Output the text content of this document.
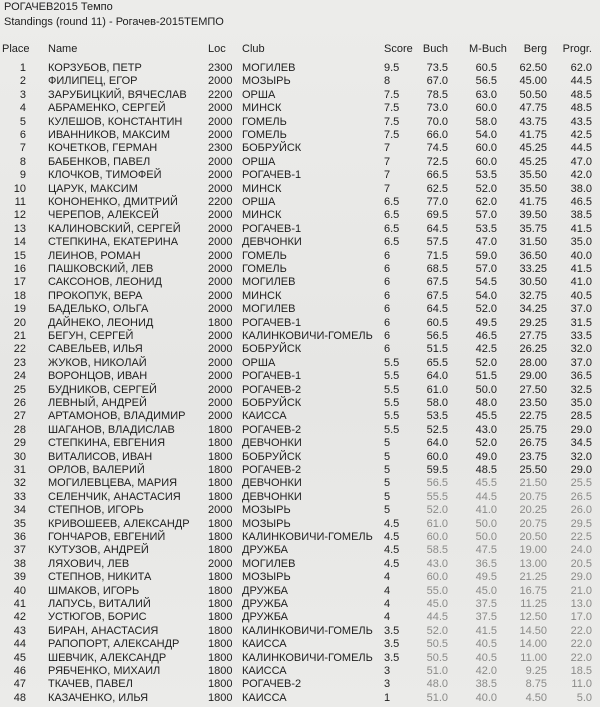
РОГАЧЕВ2015 Темпо
Standings (round 11) - Рогачев-2015ТЕМПО
Place Name	Loc Club	Score Buch M-Buch	Berg Progr.
1 КОРЗУБОВ, ПЕТР	2300 МОГИЛЕВ	9.5	73.5	60.5	62.50	62.0
2 ФИЛИПЕЦ, ЕГОР	2000 МОЗЫРЬ	8	67.0	56.5	45.00	44.5
3 ЗАРУБИЦКИЙ, ВЯЧЕСЛАВ 2200 ОРША	7.5	78.5	63.0	50.50	48.5
4 АБРАМЕНКО, СЕРГЕЙ	2000 МИНСК	7.5	73.0	60.0	47.75	48.5
5 КУЛЕШОВ, КОНСТАНТИН 2000 ГОМЕЛЬ	7.5	70.0	58.0	43.75	43.5
6 ИВАННИКОВ, МАКСИМ	2000 ГОМЕЛЬ	7.5	66.0	54.0	41.75	42.5
7 КОЧЕТКОВ, ГЕРМАН	2300 БОБРУЙСК	7	74.5	60.0	45.25	44.5
8 БАБЕНКОВ, ПАВЕЛ	2000 ОРША	7	72.5	60.0	45.25	47.0
9 КЛОЧКОВ, ТИМОФЕЙ	2000 РОГАЧЕВ-1	7	66.5	53.5	35.50	42.0
10 ЦАРУК, МАКСИМ	2000 МИНСК	7	62.5	52.0	35.50	38.0
11 КОНОНЕНКО, ДМИТРИЙ	2200 ОРША	6.5	77.0	62.0	41.75	46.5
12 ЧЕРЕПОВ, АЛЕКСЕЙ	2000 МИНСК	6.5	69.5	57.0	39.50	38.5
13 КАЛИНОВСКИЙ, СЕРГЕЙ 2000 РОГАЧЕВ-1	6.5	64.5	53.5	35.75	41.5
14 СТЕПКИНА, ЕКАТЕРИНА	2000 ДЕВЧОНКИ	6.5	57.5	47.0	31.50	35.0
15 ЛЕИНОВ, РОМАН	2000 ГОМЕЛЬ	6	71.5	59.0	36.50	40.0
16 ПАШКОВСКИЙ, ЛЕВ	2000 ГОМЕЛЬ	6	68.5	57.0	33.25	41.5
17 САКСОНОВ, ЛЕОНИД	2000 МОГИЛЕВ	6	67.5	54.5	30.50	41.0
18 ПРОКОПУК, ВЕРА	2000 МИНСК	6	67.5	54.0	32.75	40.5
19 БАДЕЛЬКО, ОЛЬГА	2000 МОГИЛЕВ	6	64.5	52.0	34.25	37.0
20 ДАЙНЕКО, ЛЕОНИД	1800 РОГАЧЕВ-1	6	60.5	49.5	29.25	31.5
21 БЕГУН, СЕРГЕЙ	2000 КАЛИНКОВИЧИ-ГОМЕЛЬ 6	56.5	46.5	27.75	33.5
22 САВЕЛЬЕВ, ИЛЬЯ	2000 БОБРУЙСК	6	51.5	42.5	26.25	32.0
23 ЖУКОВ, НИКОЛАЙ	2000 ОРША	5.5	65.5	52.0	28.00	37.0
24 ВОРОНЦОВ, ИВАН	2000 РОГАЧЕВ-1	5.5	64.0	51.5	29.00	36.5
25 БУДНИКОВ, СЕРГЕЙ	2000 РОГАЧЕВ-2	5.5	61.0	50.0	27.50	32.5
26 ЛЕВНЫЙ, АНДРЕЙ	2000 БОБРУЙСК	5.5	58.0	48.0	23.50	35.0
27 АРТАМОНОВ, ВЛАДИМИР 2000 КАИССА	5.5	53.5	45.5	22.75	28.5
28 ШАГАНОВ, ВЛАДИСЛАВ	1800 РОГАЧЕВ-2	5.5	52.5	43.0	25.75	29.0
29 СТЕПКИНА, ЕВГЕНИЯ	1800 ДЕВЧОНКИ	5	64.0	52.0	26.75	34.5
30 ВИТАЛИСОВ, ИВАН	1800 БОБРУЙСК	5	60.0	49.0	23.75	32.0
31 ОРЛОВ, ВАЛЕРИЙ	1800 РОГАЧЕВ-2	5	59.5	48.5	25.50	29.0
32 МОГИЛЕВЦЕВА, МАРИЯ	1800 ДЕВЧОНКИ	5	56.5	45.5	21.50	25.5
33 СЕЛЕНЧИК, АНАСТАСИЯ 1800 ДЕВЧОНКИ	5	55.5	44.5	20.75	26.5
34 СТЕПНОВ, ИГОРЬ	2000 МОЗЫРЬ	5	52.0	41.0	20.25	26.0
35 КРИВОШЕЕВ, АЛЕКСАНДР 1800 МОЗЫРЬ	4.5	61.0	50.0	20.75	29.5
36 ГОНЧАРОВ, ЕВГЕНИЙ	1800 КАЛИНКОВИЧИ-ГОМЕЛЬ 4.5	60.0	50.0	20.50	22.5
37 КУТУЗОВ, АНДРЕЙ	1800 ДРУЖБА	4.5	58.5	47.5	19.00	24.0
38 ЛЯХОВИЧ, ЛЕВ	2000 МОГИЛЕВ	4.5	43.0	36.5	13.00	20.5
39 СТЕПНОВ, НИКИТА	1800 МОЗЫРЬ	4	60.0	49.5	21.25	29.0
40 ШМАКОВ, ИГОРЬ	1800 ДРУЖБА	4	55.0	45.0	16.75	21.0
41 ЛАПУСЬ, ВИТАЛИЙ	1800 ДРУЖБА	4	45.0	37.5	11.25	13.0
42 УСТЮГОВ, БОРИС	1800 ДРУЖБА	4	44.5	37.5	12.50	17.0
43 БИРАН, АНАСТАСИЯ	1800 КАЛИНКОВИЧИ-ГОМЕЛЬ 3.5	52.0	41.5	14.50	22.0
44 РАПОПОРТ, АЛЕКСАНДР	1800 КАИССА	3.5	50.5	40.5	14.00	22.0
45 ШЕВЧИК, АЛЕКСАНДР	1800 КАЛИНКОВИЧИ-ГОМЕЛЬ 3.5	50.5	40.5	11.00	22.0
46 РЯБЧЕНКО, МИХАИЛ	1800 КАИССА	3	51.0	42.0	9.25	18.5
47 ТКАЧЕВ, ПАВЕЛ	1800 РОГАЧЕВ-2	3	48.0	38.5	8.75	11.0
48 КАЗАЧЕНКО, ИЛЬЯ	1800 КАИССА	1	51.0	40.0	4.50	5.0
